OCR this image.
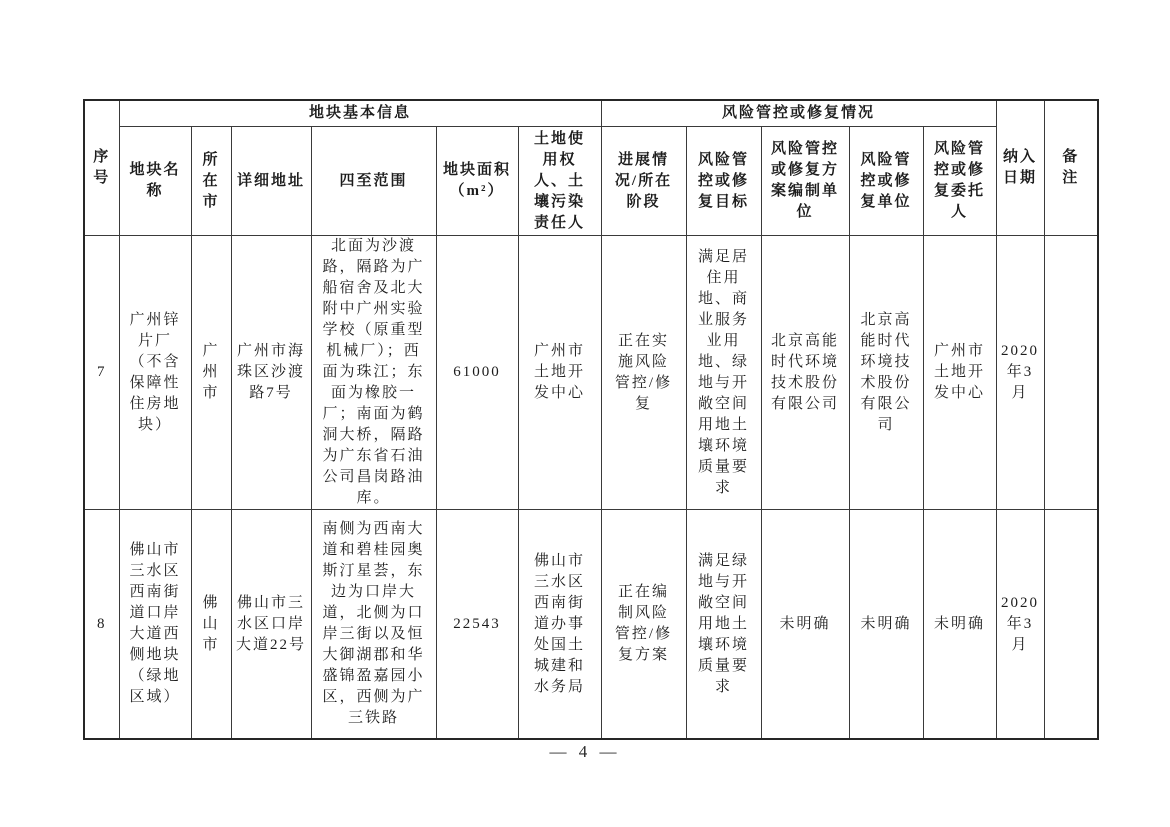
序号	地块基本信息						风险管控或修复情况					纳入日期	备注
	地块名称	所在市	详细地址	四至范围	地块面积（m²）	土地使用权人、土壤污染责任人	进展情况/所在阶段	风险管控或修复目标	风险管控或修复方案编制单位	风险管控或修复单位	风险管控或修复委托人		
7	广州锌片厂（不含保障性住房地块）	广州市	广州市海珠区沙渡路7号	北面为沙渡路，隔路为广船宿舍及北大附中广州实验学校（原重型机械厂）；西面为珠江；东面为橡胶一厂；南面为鹤洞大桥，隔路为广东省石油公司昌岗路油库。	61000	广州市土地开发中心	正在实施风险管控/修复	满足居住用地、商业服务业用地、绿地与开敞空间用地土壤环境质量要求	北京高能时代环境技术股份有限公司	北京高能时代环境技术股份有限公司	广州市土地开发中心	2020年3月	
8	佛山市三水区西南街道口岸大道西侧地块（绿地区域）	佛山市	佛山市三水区口岸大道22号	南侧为西南大道和碧桂园奥斯汀星荟，东边为口岸大道，北侧为口岸三街以及恒大御湖郡和华盛锦盈嘉园小区，西侧为广三铁路	22543	佛山市三水区西南街道办事处国土城建和水务局	正在编制风险管控/修复方案	满足绿地与开敞空间用地土壤环境质量要求	未明确	未明确	未明确	2020年3月	
— 4 —
